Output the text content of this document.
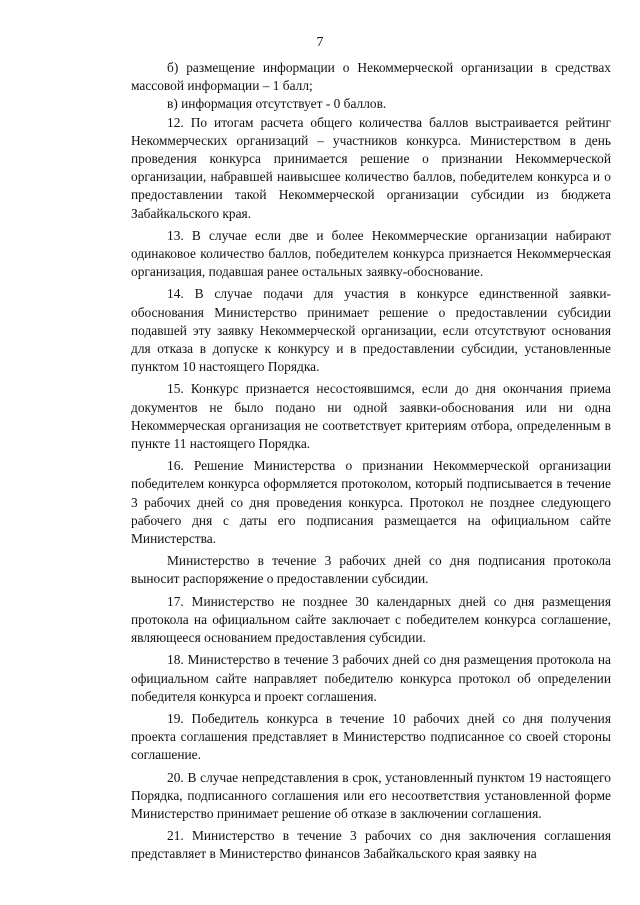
7

б) размещение информации о Некоммерческой организации в средствах массовой информации – 1 балл;

в) информация отсутствует - 0 баллов.

12. По итогам расчета общего количества баллов выстраивается рейтинг Некоммерческих организаций – участников конкурса. Министерством в день проведения конкурса принимается решение о признании Некоммерческой организации, набравшей наивысшее количество баллов, победителем конкурса и о предоставлении такой Некоммерческой организации субсидии из бюджета Забайкальского края.

13. В случае если две и более Некоммерческие организации набирают одинаковое количество баллов, победителем конкурса признается Некоммерческая организация, подавшая ранее остальных заявку-обоснование.

14. В случае подачи для участия в конкурсе единственной заявки-обоснования Министерство принимает решение о предоставлении субсидии подавшей эту заявку Некоммерческой организации, если отсутствуют основания для отказа в допуске к конкурсу и в предоставлении субсидии, установленные пунктом 10 настоящего Порядка.

15. Конкурс признается несостоявшимся, если до дня окончания приема документов не было подано ни одной заявки-обоснования или ни одна Некоммерческая организация не соответствует критериям отбора, определенным в пункте 11 настоящего Порядка.

16. Решение Министерства о признании Некоммерческой организации победителем конкурса оформляется протоколом, который подписывается в течение 3 рабочих дней со дня проведения конкурса. Протокол не позднее следующего рабочего дня с даты его подписания размещается на официальном сайте Министерства.

Министерство в течение 3 рабочих дней со дня подписания протокола выносит распоряжение о предоставлении субсидии.

17. Министерство не позднее 30 календарных дней со дня размещения протокола на официальном сайте заключает с победителем конкурса соглашение, являющееся основанием предоставления субсидии.

18. Министерство в течение 3 рабочих дней со дня размещения протокола на официальном сайте направляет победителю конкурса протокол об определении победителя конкурса и проект соглашения.

19. Победитель конкурса в течение 10 рабочих дней со дня получения проекта соглашения представляет в Министерство подписанное со своей стороны соглашение.

20. В случае непредставления в срок, установленный пунктом 19 настоящего Порядка, подписанного соглашения или его несоответствия установленной форме Министерство принимает решение об отказе в заключении соглашения.

21. Министерство в течение 3 рабочих со дня заключения соглашения представляет в Министерство финансов Забайкальского края заявку на
